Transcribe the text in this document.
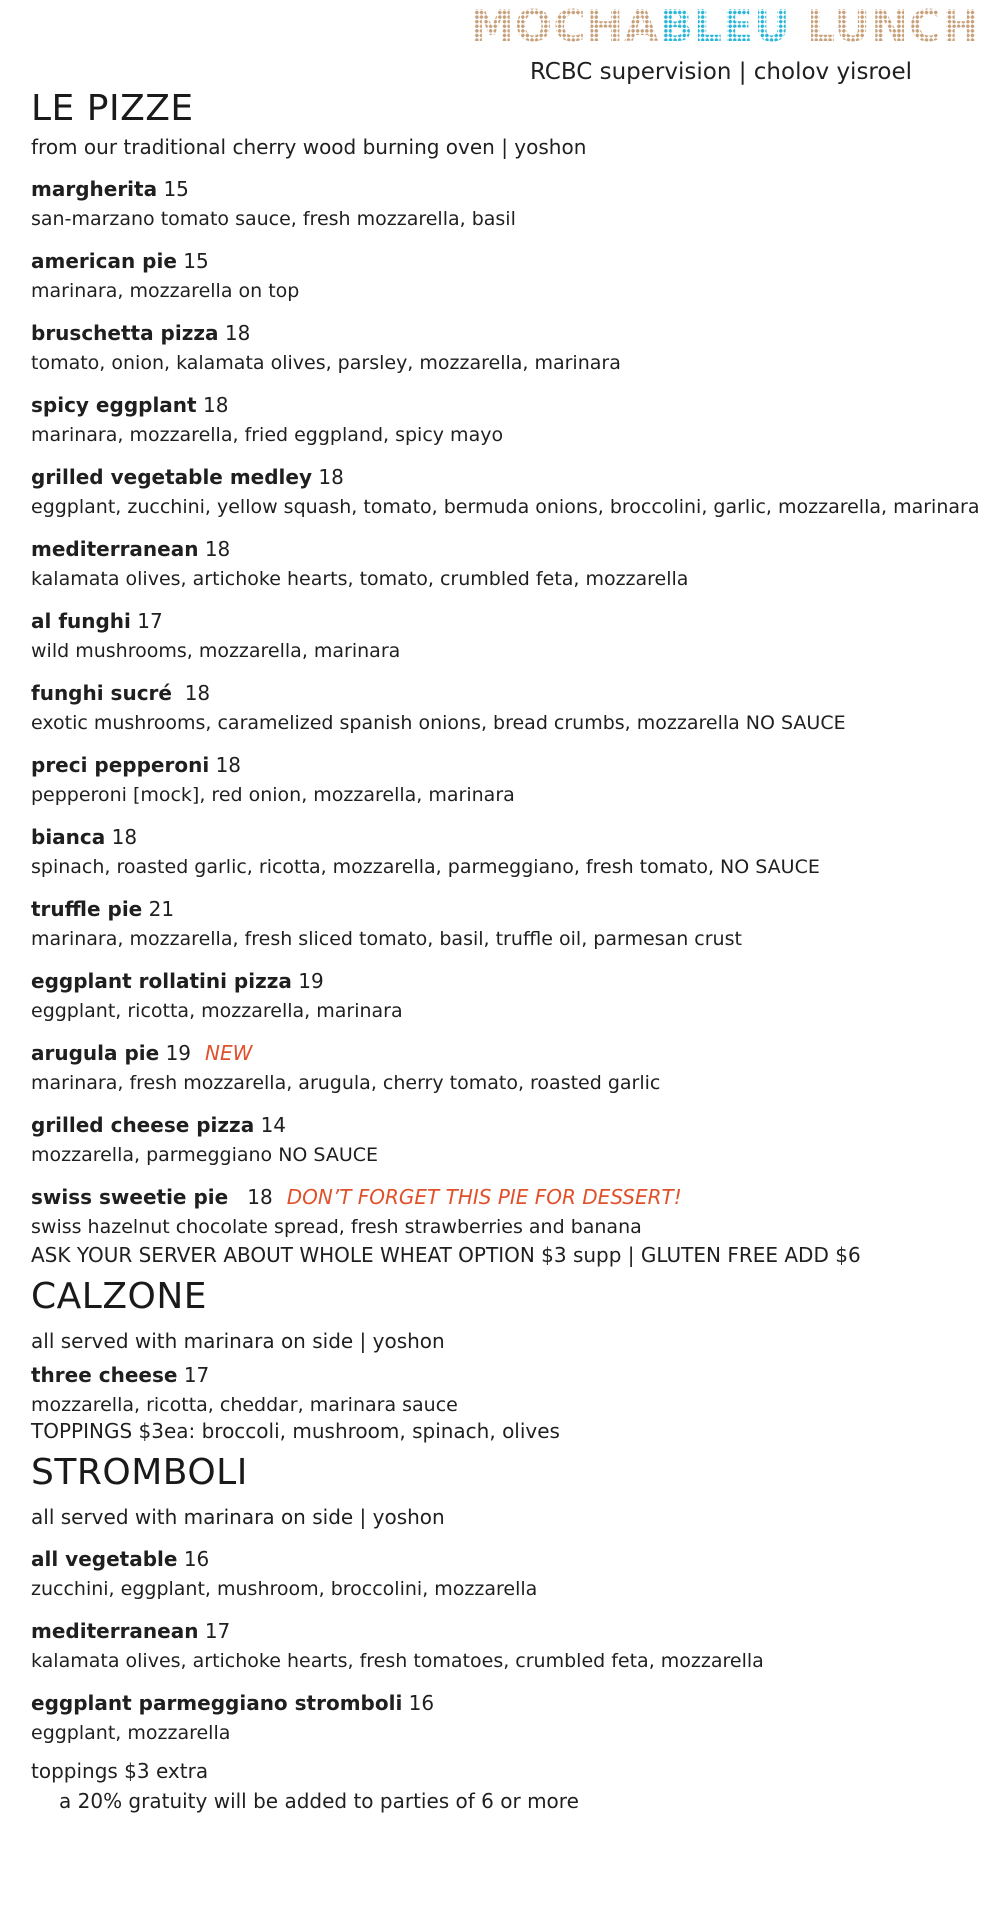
MOCHABLEU LUNCH
RCBC supervision | cholov yisroel
LE PIZZE
from our traditional cherry wood burning oven | yoshon
margherita 15
san-marzano tomato sauce, fresh mozzarella, basil
american pie 15
marinara, mozzarella on top
bruschetta pizza 18
tomato, onion, kalamata olives, parsley, mozzarella, marinara
spicy eggplant 18
marinara, mozzarella, fried eggpland, spicy mayo
grilled vegetable medley 18
eggplant, zucchini, yellow squash, tomato, bermuda onions, broccolini, garlic, mozzarella, marinara
mediterranean 18
kalamata olives, artichoke hearts, tomato, crumbled feta, mozzarella
al funghi 17
wild mushrooms, mozzarella, marinara
funghi sucré  18
exotic mushrooms, caramelized spanish onions, bread crumbs, mozzarella NO SAUCE
preci pepperoni 18
pepperoni [mock], red onion, mozzarella, marinara
bianca 18
spinach, roasted garlic, ricotta, mozzarella, parmeggiano, fresh tomato, NO SAUCE
truffle pie 21
marinara, mozzarella, fresh sliced tomato, basil, truffle oil, parmesan crust
eggplant rollatini pizza 19
eggplant, ricotta, mozzarella, marinara
arugula pie 19 NEW
marinara, fresh mozzarella, arugula, cherry tomato, roasted garlic
grilled cheese pizza 14
mozzarella, parmeggiano NO SAUCE
swiss sweetie pie   18 DON’T FORGET THIS PIE FOR DESSERT!
swiss hazelnut chocolate spread, fresh strawberries and banana
ASK YOUR SERVER ABOUT WHOLE WHEAT OPTION $3 supp | GLUTEN FREE ADD $6
CALZONE
all served with marinara on side | yoshon
three cheese 17
mozzarella, ricotta, cheddar, marinara sauce
TOPPINGS $3ea: broccoli, mushroom, spinach, olives
STROMBOLI
all served with marinara on side | yoshon
all vegetable 16
zucchini, eggplant, mushroom, broccolini, mozzarella
mediterranean 17
kalamata olives, artichoke hearts, fresh tomatoes, crumbled feta, mozzarella
eggplant parmeggiano stromboli 16
eggplant, mozzarella
toppings $3 extra
a 20% gratuity will be added to parties of 6 or more
